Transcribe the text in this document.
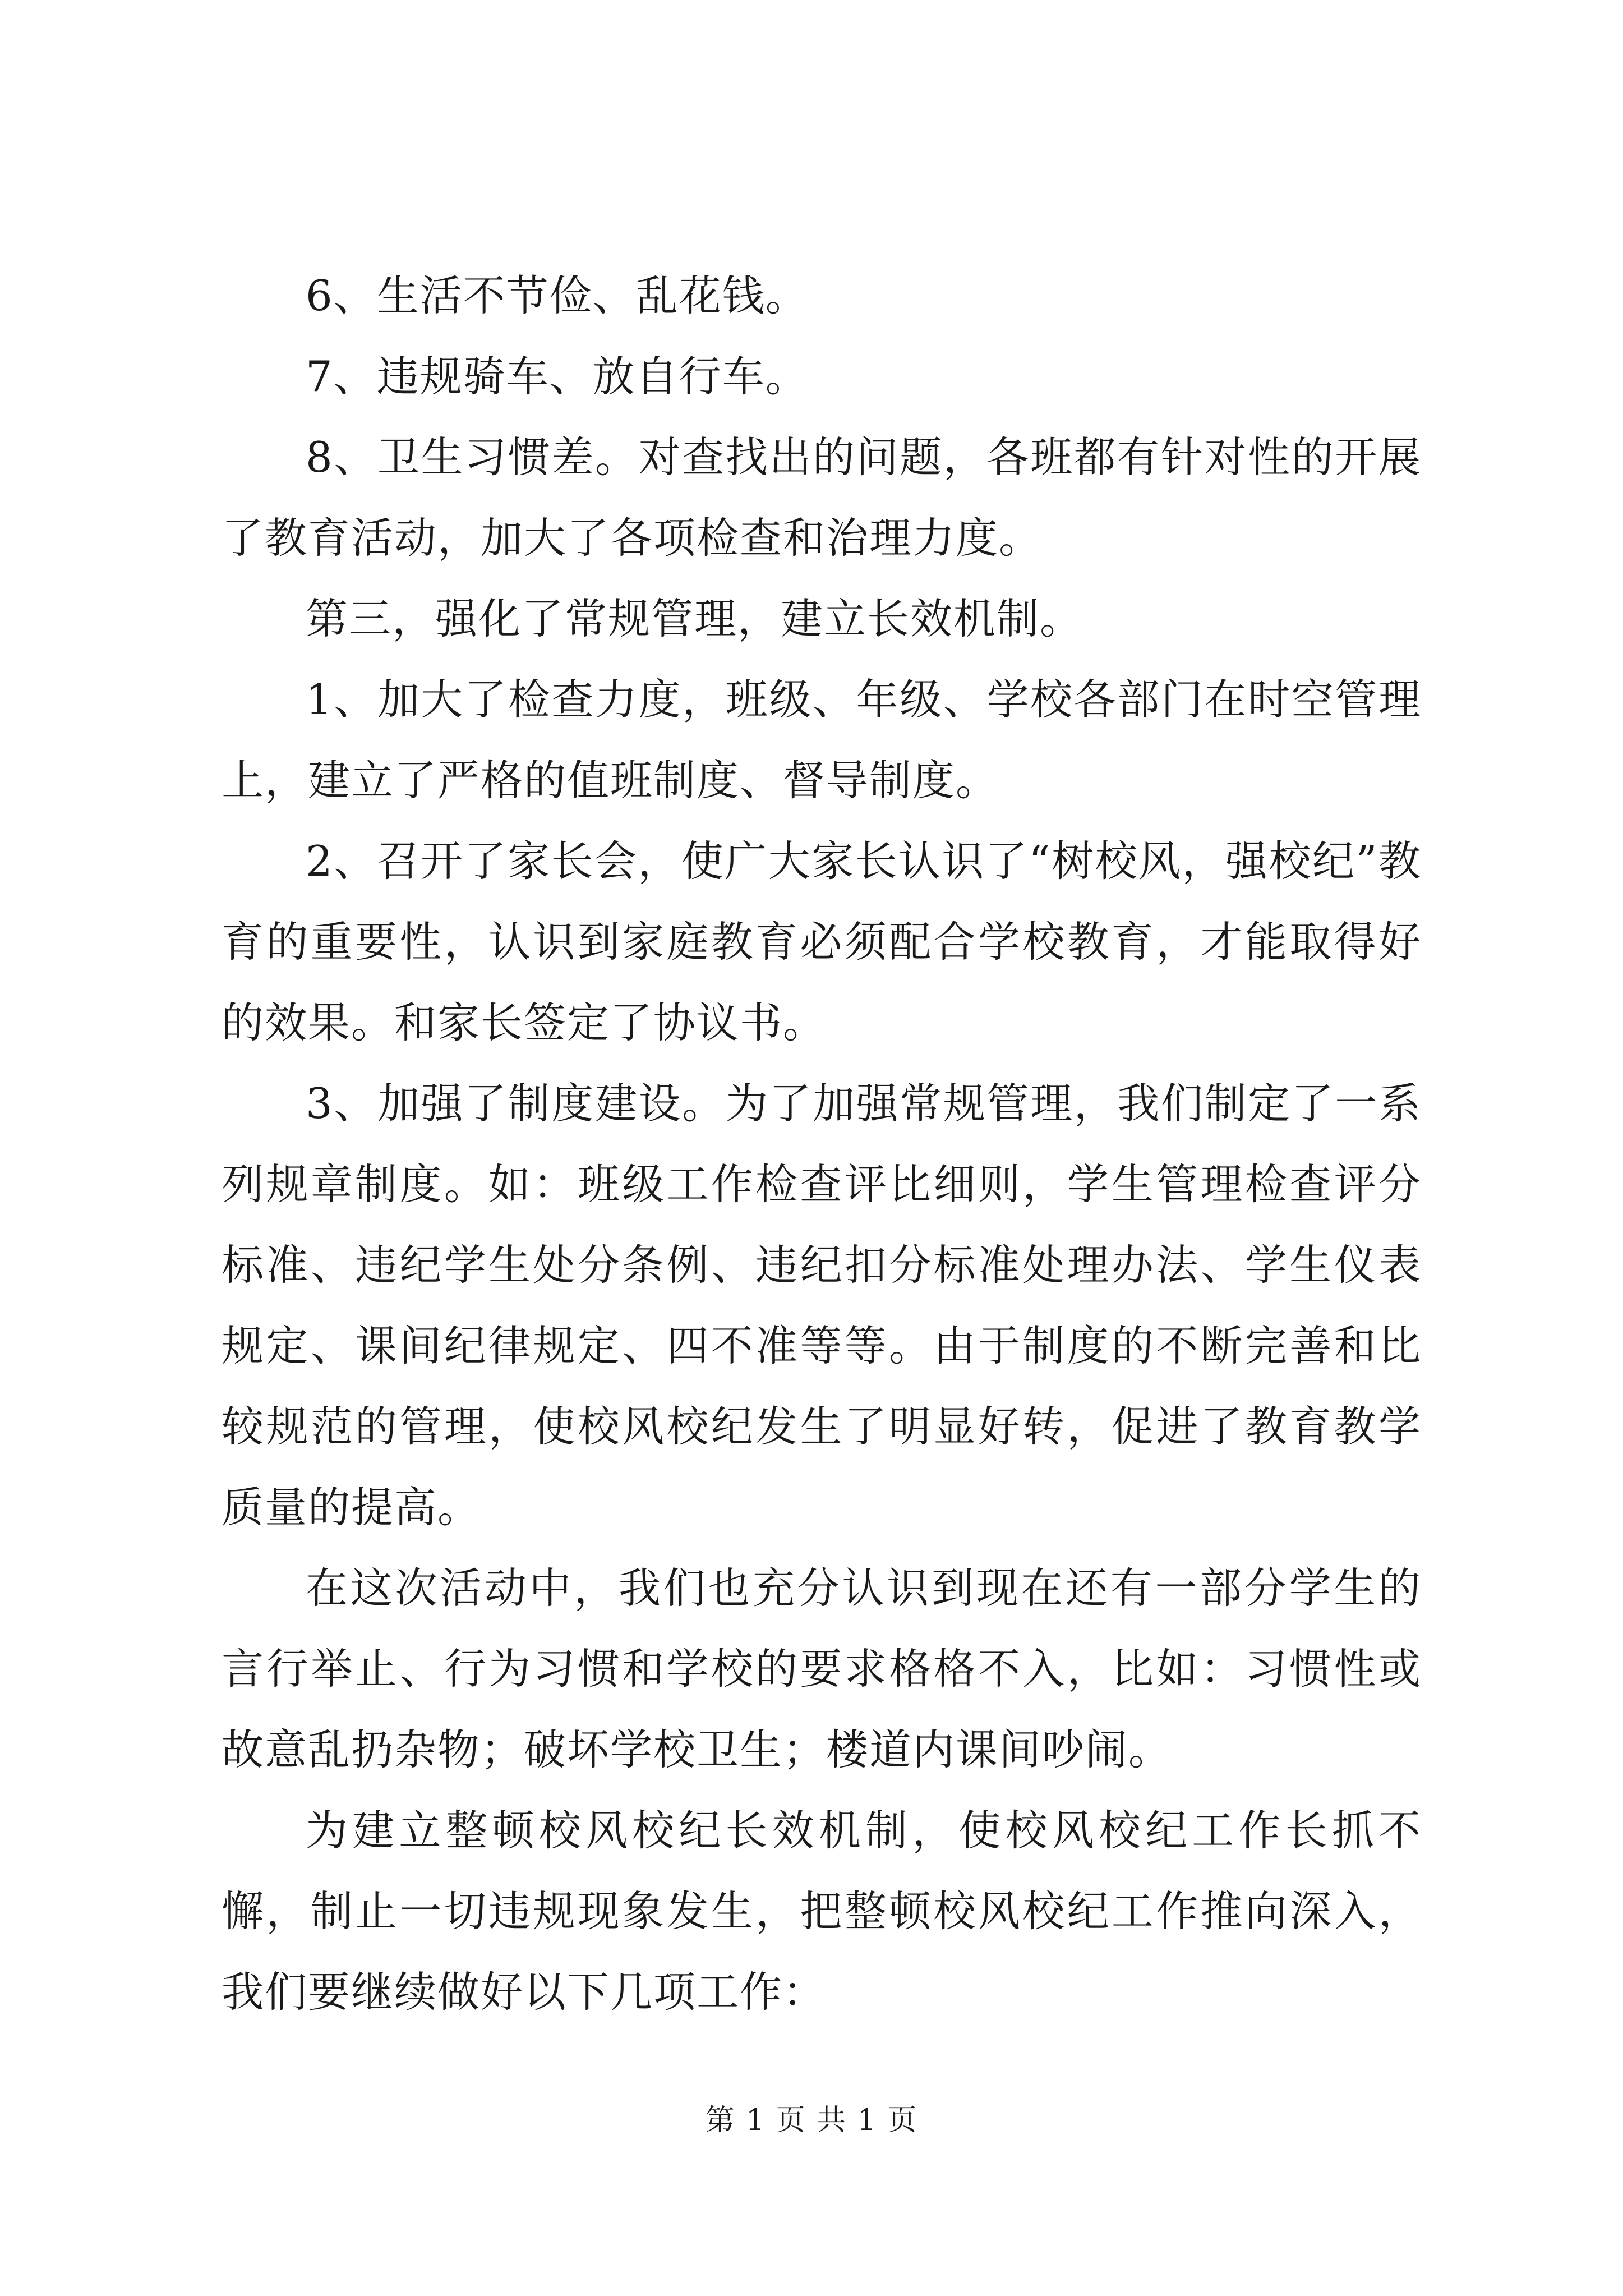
6、生活不节俭、乱花钱。

7、违规骑车、放自行车。

8、卫生习惯差。对查找出的问题，各班都有针对性的开展了教育活动，加大了各项检查和治理力度。

第三，强化了常规管理，建立长效机制。

1、加大了检查力度，班级、年级、学校各部门在时空管理上，建立了严格的值班制度、督导制度。

2、召开了家长会，使广大家长认识了“树校风，强校纪”教育的重要性，认识到家庭教育必须配合学校教育，才能取得好的效果。和家长签定了协议书。

3、加强了制度建设。为了加强常规管理，我们制定了一系列规章制度。如：班级工作检查评比细则，学生管理检查评分标准、违纪学生处分条例、违纪扣分标准处理办法、学生仪表规定、课间纪律规定、四不准等等。由于制度的不断完善和比较规范的管理，使校风校纪发生了明显好转，促进了教育教学质量的提高。

在这次活动中，我们也充分认识到现在还有一部分学生的言行举止、行为习惯和学校的要求格格不入，比如：习惯性或故意乱扔杂物；破坏学校卫生；楼道内课间吵闹。

为建立整顿校风校纪长效机制，使校风校纪工作长抓不懈，制止一切违规现象发生，把整顿校风校纪工作推向深入，我们要继续做好以下几项工作：

第 1 页 共 1 页
